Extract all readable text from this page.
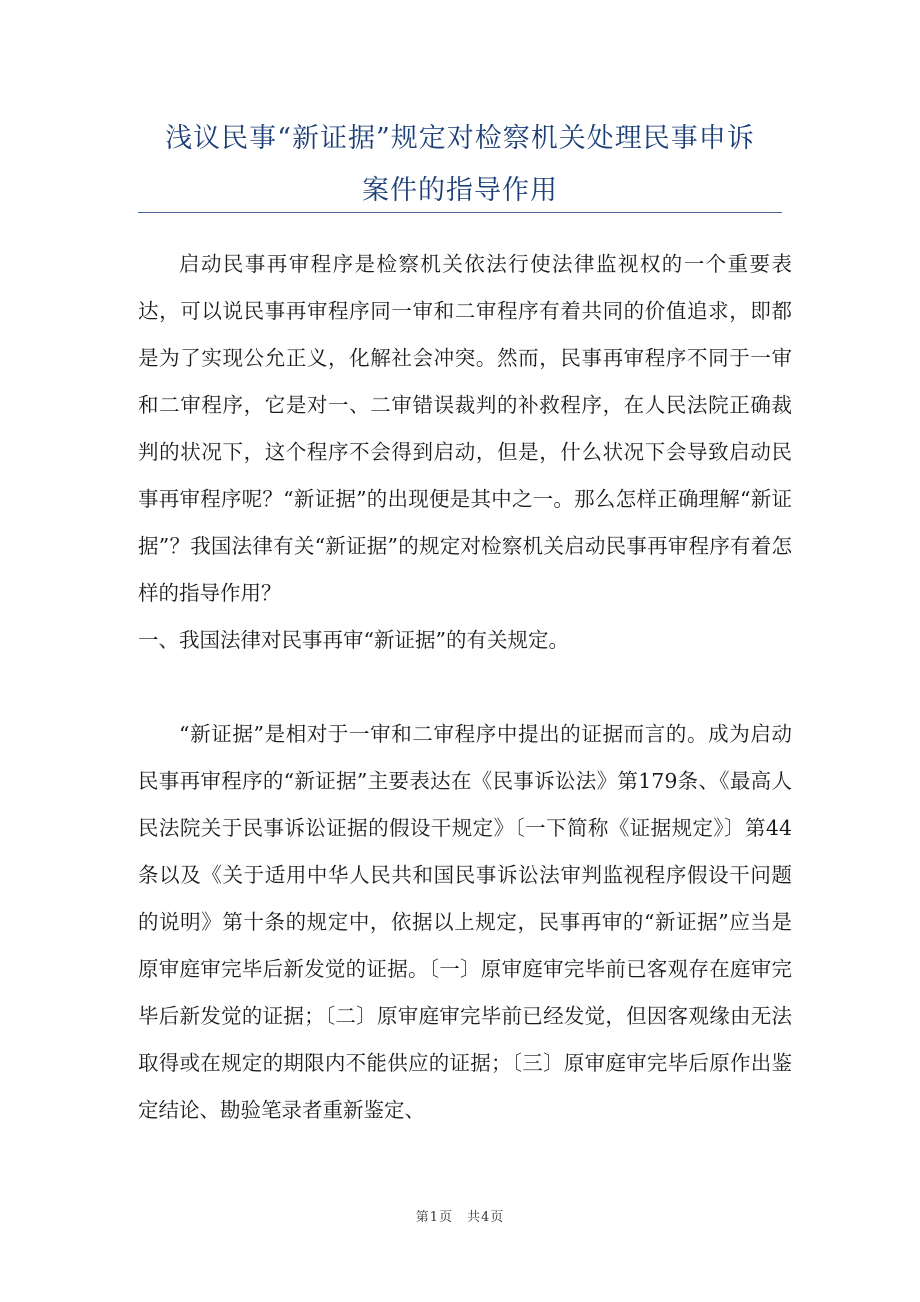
浅议民事“新证据”规定对检察机关处理民事申诉
案件的指导作用

启动民事再审程序是检察机关依法行使法律监视权的一个重要表达，可以说民事再审程序同一审和二审程序有着共同的价值追求，即都是为了实现公允正义，化解社会冲突。然而，民事再审程序不同于一审和二审程序，它是对一、二审错误裁判的补救程序，在人民法院正确裁判的状况下，这个程序不会得到启动，但是，什么状况下会导致启动民事再审程序呢？“新证据”的出现便是其中之一。那么怎样正确理解“新证据”？我国法律有关“新证据”的规定对检察机关启动民事再审程序有着怎样的指导作用？

一、我国法律对民事再审“新证据”的有关规定。

“新证据”是相对于一审和二审程序中提出的证据而言的。成为启动民事再审程序的“新证据”主要表达在《民事诉讼法》第179条、《最高人民法院关于民事诉讼证据的假设干规定》〔一下简称《证据规定》〕第44条以及《关于适用中华人民共和国民事诉讼法审判监视程序假设干问题的说明》第十条的规定中，依据以上规定，民事再审的“新证据”应当是原审庭审完毕后新发觉的证据。〔一〕原审庭审完毕前已客观存在庭审完毕后新发觉的证据；〔二〕原审庭审完毕前已经发觉，但因客观缘由无法取得或在规定的期限内不能供应的证据；〔三〕原审庭审完毕后原作出鉴定结论、勘验笔录者重新鉴定、

第1页　共4页
